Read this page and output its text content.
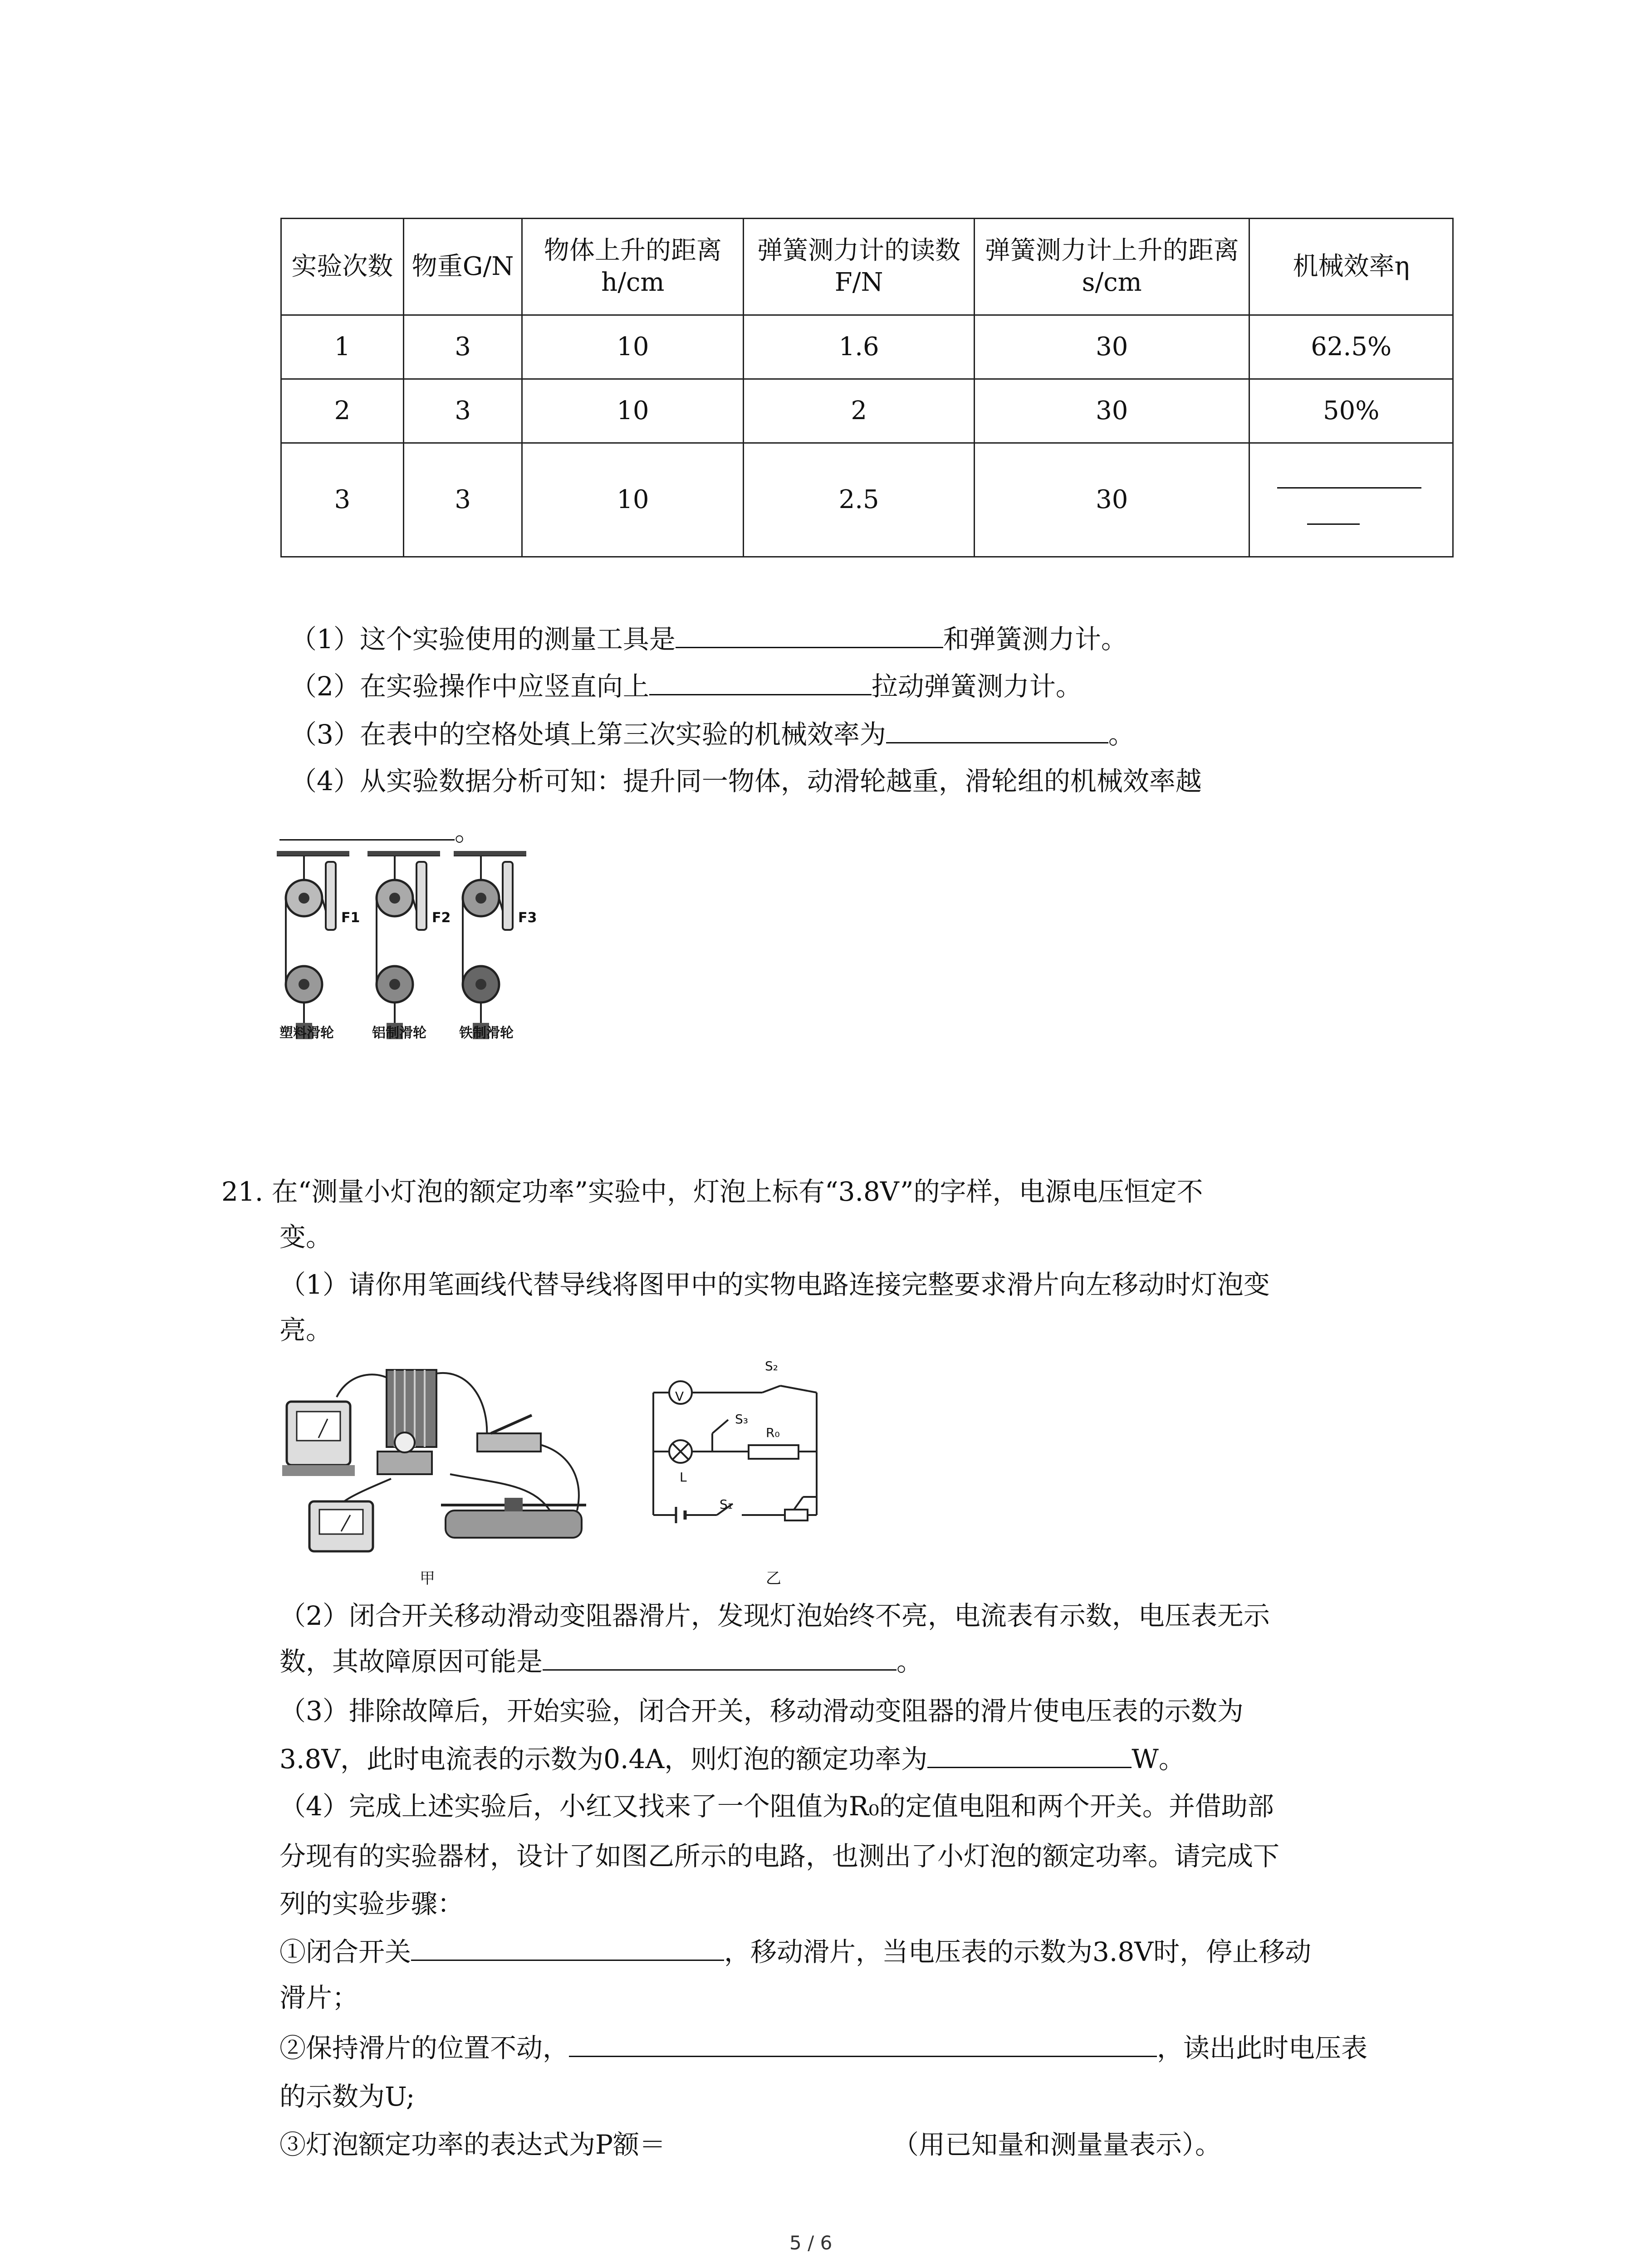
实验次数	物重G/N	物体上升的距离h/cm	弹簧测力计的读数F/N	弹簧测力计上升的距离s/cm	机械效率η
1	3	10	1.6	30	62.5%
2	3	10	2	30	50%
3	3	10	2.5	30	
（1）这个实验使用的测量工具是	和弹簧测力计。
（2）在实验操作中应竖直向上	拉动弹簧测力计。
（3）在表中的空格处填上第三次实验的机械效率为	。
（4）从实验数据分析可知：提升同一物体，动滑轮越重，滑轮组的机械效率越
。
F1	F2	F3
塑料滑轮	铝制滑轮 铁制滑轮
21. 在“测量小灯泡的额定功率”实验中，灯泡上标有“3.8V”的字样，电源电压恒定不
变。
（1）请你用笔画线代替导线将图甲中的实物电路连接完整要求滑片向左移动时灯泡变
亮。
甲
V
S₂
S₃
R₀
L
S₁
乙
（2）闭合开关移动滑动变阻器滑片，发现灯泡始终不亮，电流表有示数，电压表无示
数，其故障原因可能是	。
（3）排除故障后，开始实验，闭合开关，移动滑动变阻器的滑片使电压表的示数为
3.8V，此时电流表的示数为0.4A，则灯泡的额定功率为	W。
（4）完成上述实验后，小红又找来了一个阻值为R₀的定值电阻和两个开关。并借助部
分现有的实验器材，设计了如图乙所示的电路，也测出了小灯泡的额定功率。请完成下
列的实验步骤：
①闭合开关	，移动滑片，当电压表的示数为3.8V时，停止移动
滑片；
②保持滑片的位置不动，	，读出此时电压表
的示数为U;
③灯泡额定功率的表达式为P额＝	（用已知量和测量量表示）。
5 / 6
